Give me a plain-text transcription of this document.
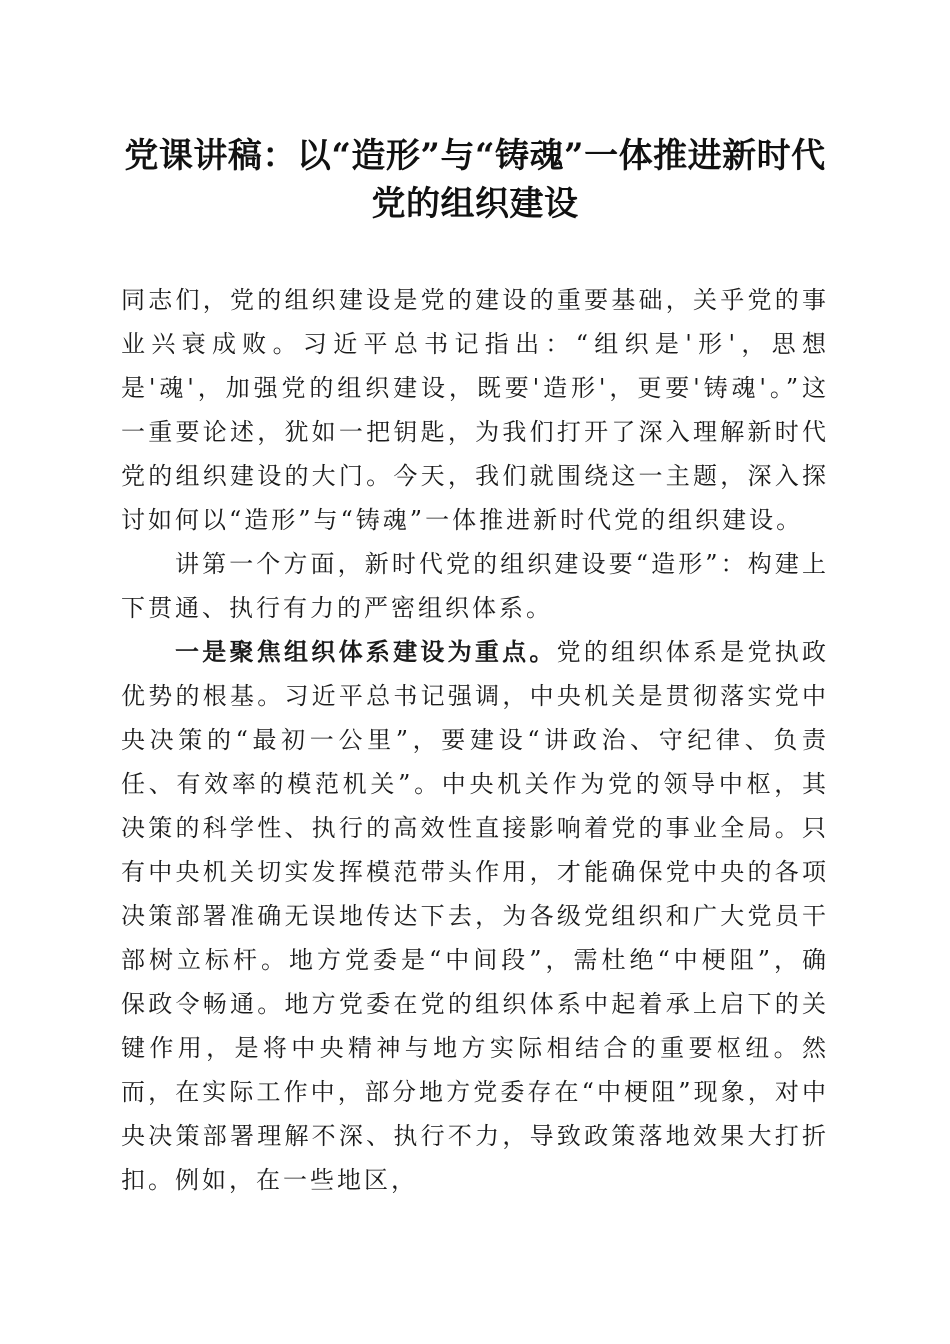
党课讲稿：以“造形”与“铸魂”一体推进新时代党的组织建设

同志们，党的组织建设是党的建设的重要基础，关乎党的事业兴衰成败。习近平总书记指出：“组织是'形'，思想是'魂'，加强党的组织建设，既要'造形'，更要'铸魂'。”这一重要论述，犹如一把钥匙，为我们打开了深入理解新时代党的组织建设的大门。今天，我们就围绕这一主题，深入探讨如何以“造形”与“铸魂”一体推进新时代党的组织建设。

讲第一个方面，新时代党的组织建设要“造形”：构建上下贯通、执行有力的严密组织体系。

一是聚焦组织体系建设为重点。党的组织体系是党执政优势的根基。习近平总书记强调，中央机关是贯彻落实党中央决策的“最初一公里”，要建设“讲政治、守纪律、负责任、有效率的模范机关”。中央机关作为党的领导中枢，其决策的科学性、执行的高效性直接影响着党的事业全局。只有中央机关切实发挥模范带头作用，才能确保党中央的各项决策部署准确无误地传达下去，为各级党组织和广大党员干部树立标杆。地方党委是“中间段”，需杜绝“中梗阻”，确保政令畅通。地方党委在党的组织体系中起着承上启下的关键作用，是将中央精神与地方实际相结合的重要枢纽。然而，在实际工作中，部分地方党委存在“中梗阻”现象，对中央决策部署理解不深、执行不力，导致政策落地效果大打折扣。例如，在一些地区，
